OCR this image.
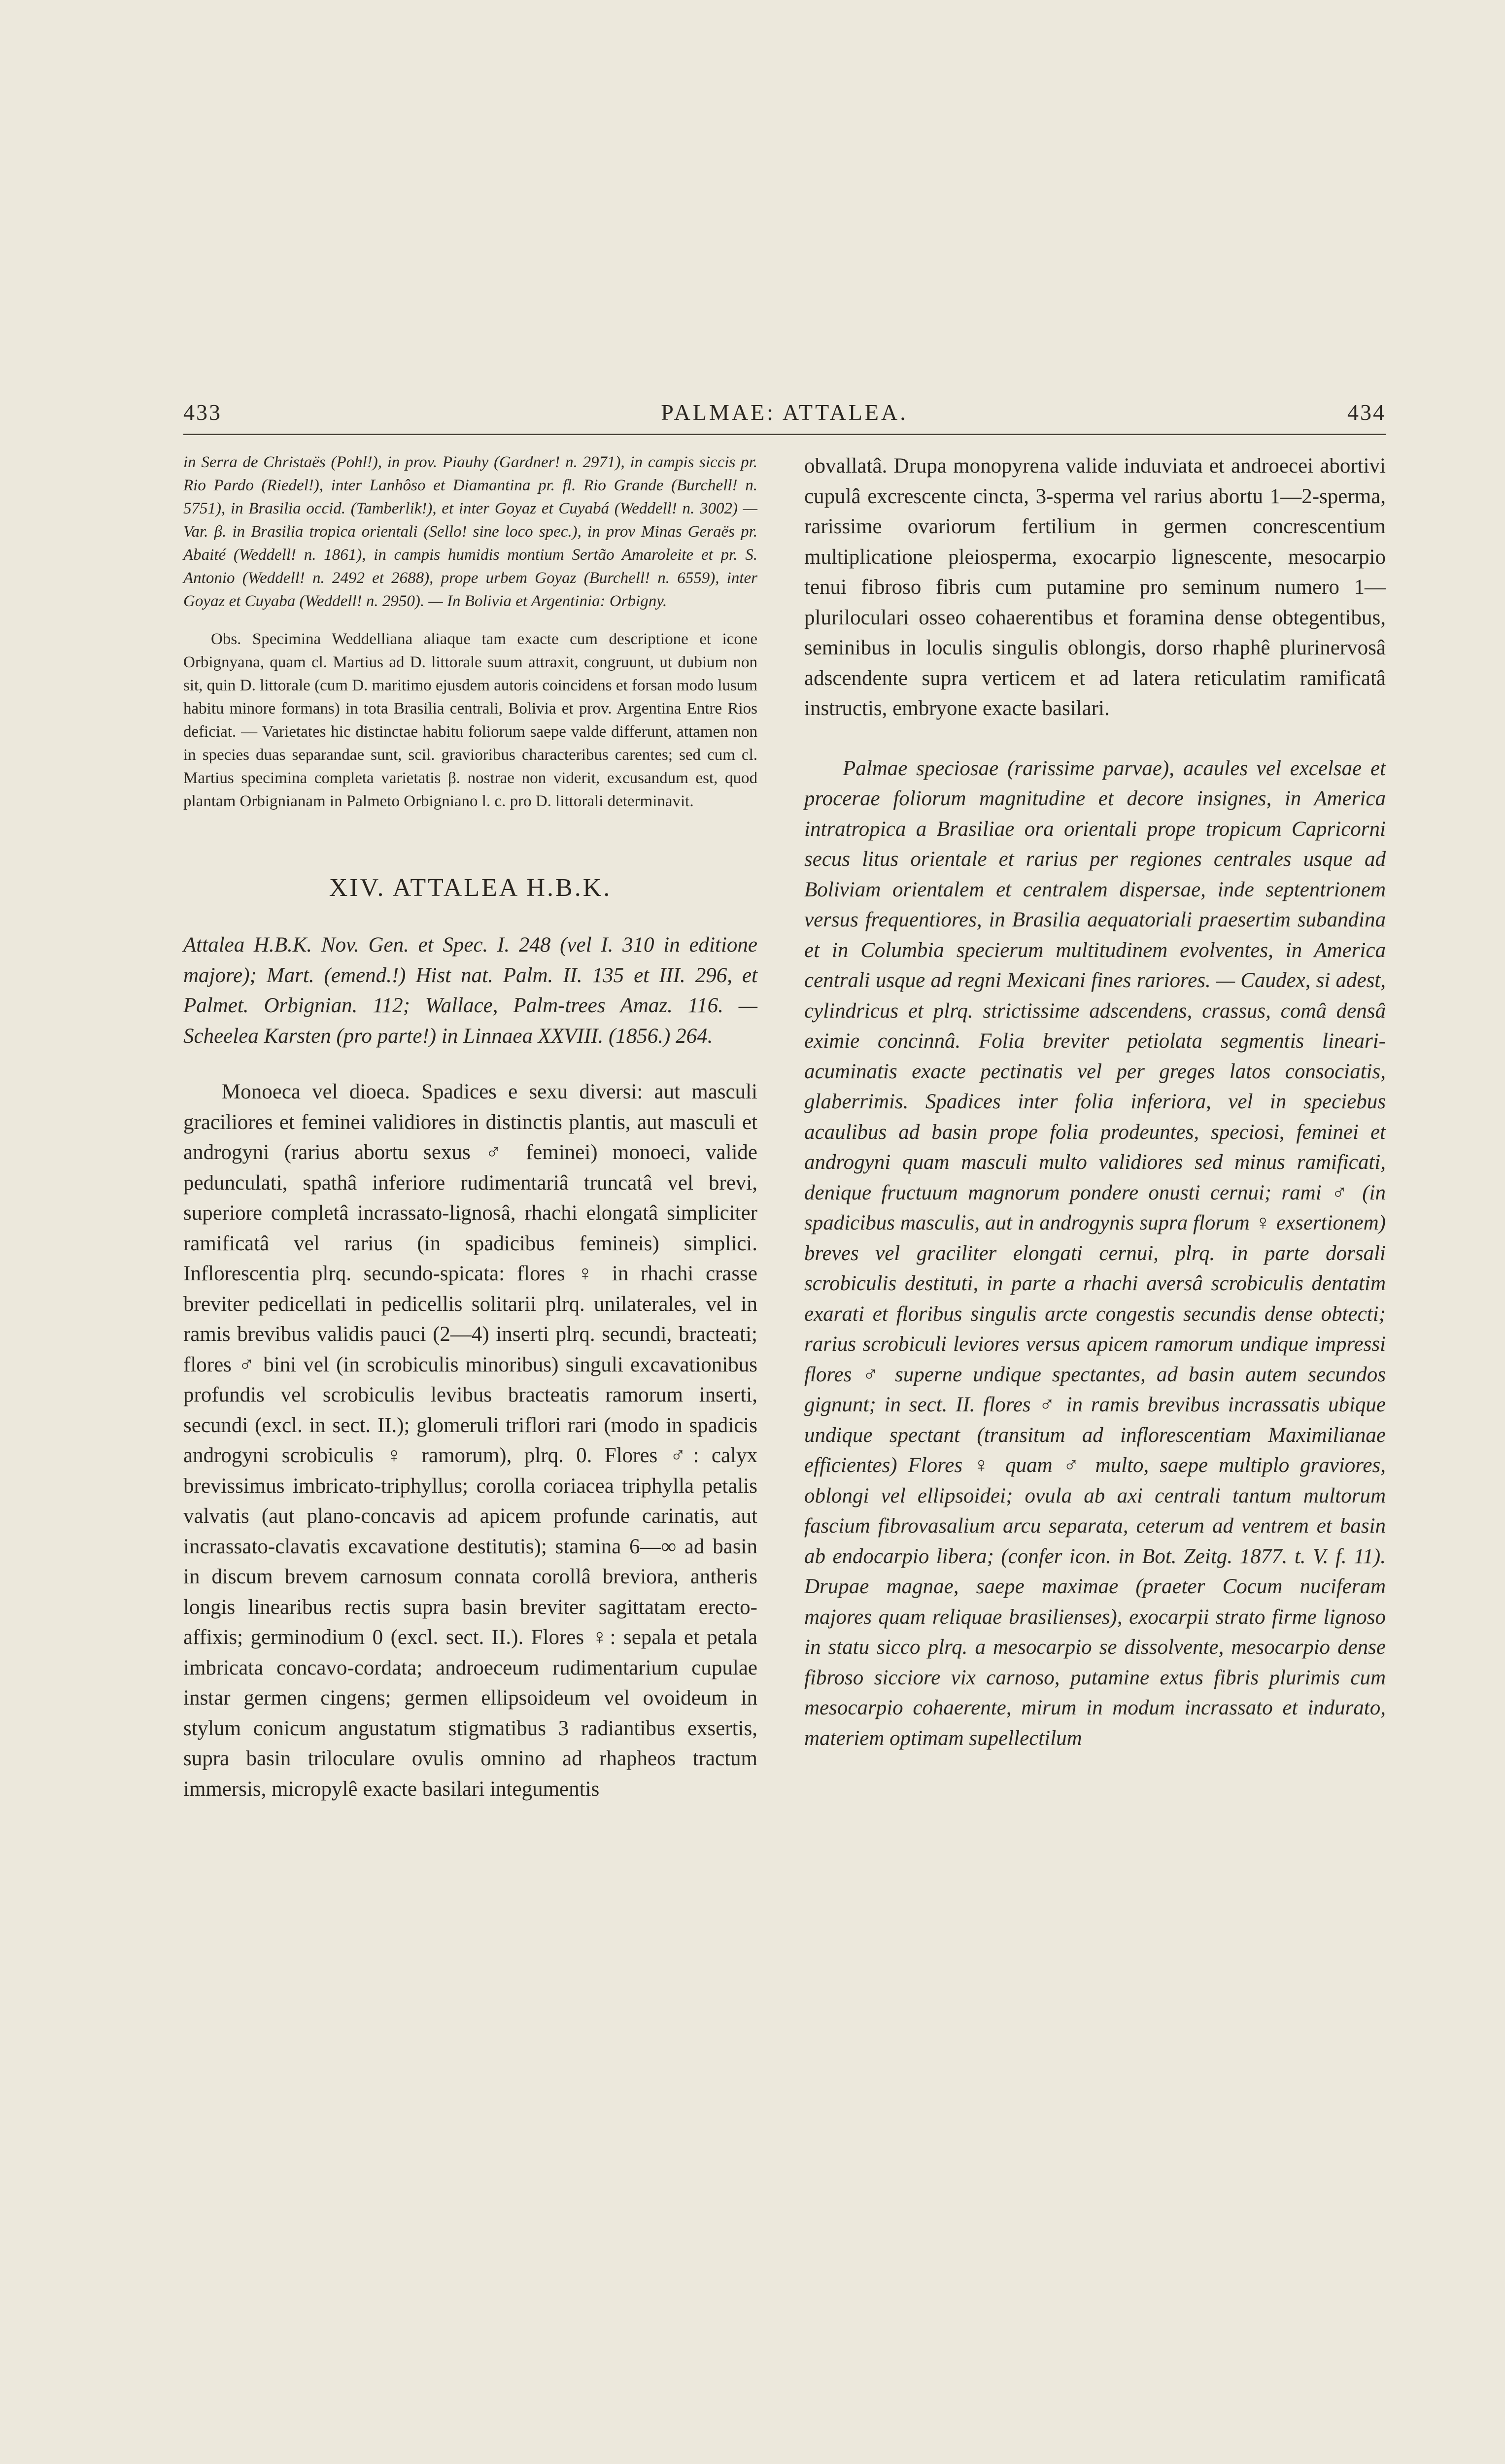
433	PALMAE: ATTALEA.	434

in Serra de Christaës (Pohl!), in prov. Piauhy (Gardner! n. 2971), in campis siccis pr. Rio Pardo (Riedel!), inter Lanhôso et Diamantina pr. fl. Rio Grande (Burchell! n. 5751), in Brasilia occid. (Tamberlik!), et inter Goyaz et Cuyabá (Weddell! n. 3002) — Var. β. in Brasilia tropica orientali (Sello! sine loco spec.), in prov Minas Geraës pr. Abaité (Weddell! n. 1861), in campis humidis montium Sertão Amaroleite et pr. S. Antonio (Weddell! n. 2492 et 2688), prope urbem Goyaz (Burchell! n. 6559), inter Goyaz et Cuyaba (Weddell! n. 2950). — In Bolivia et Argentinia: Orbigny.

Obs. Specimina Weddelliana aliaque tam exacte cum descriptione et icone Orbignyana, quam cl. Martius ad D. littorale suum attraxit, congruunt, ut dubium non sit, quin D. littorale (cum D. maritimo ejusdem autoris coincidens et forsan modo lusum habitu minore formans) in tota Brasilia centrali, Bolivia et prov. Argentina Entre Rios deficiat. — Varietates hic distinctae habitu foliorum saepe valde differunt, attamen non in species duas separandae sunt, scil. gravioribus characteribus carentes; sed cum cl. Martius specimina completa varietatis β. nostrae non viderit, excusandum est, quod plantam Orbignianam in Palmeto Orbigniano l. c. pro D. littorali determinavit.

XIV. ATTALEA H.B.K.

Attalea H.B.K. Nov. Gen. et Spec. I. 248 (vel I. 310 in editione majore); Mart. (emend.!) Hist nat. Palm. II. 135 et III. 296, et Palmet. Orbignian. 112; Wallace, Palm-trees Amaz. 116. — Scheelea Karsten (pro parte!) in Linnaea XXVIII. (1856.) 264.

Monoeca vel dioeca. Spadices e sexu diversi: aut masculi graciliores et feminei validiores in distinctis plantis, aut masculi et androgyni (rarius abortu sexus ♂ feminei) monoeci, valide pedunculati, spathâ inferiore rudimentariâ truncatâ vel brevi, superiore completâ incrassato-lignosâ, rhachi elongatâ simpliciter ramificatâ vel rarius (in spadicibus femineis) simplici. Inflorescentia plrq. secundo-spicata: flores ♀ in rhachi crasse breviter pedicellati in pedicellis solitarii plrq. unilaterales, vel in ramis brevibus validis pauci (2—4) inserti plrq. secundi, bracteati; flores ♂ bini vel (in scrobiculis minoribus) singuli excavationibus profundis vel scrobiculis levibus bracteatis ramorum inserti, secundi (excl. in sect. II.); glomeruli triflori rari (modo in spadicis androgyni scrobiculis ♀ ramorum), plrq. 0. Flores ♂: calyx brevissimus imbricato-triphyllus; corolla coriacea triphylla petalis valvatis (aut plano-concavis ad apicem profunde carinatis, aut incrassato-clavatis excavatione destitutis); stamina 6—∞ ad basin in discum brevem carnosum connata corollâ breviora, antheris longis linearibus rectis supra basin breviter sagittatam erecto-affixis; germinodium 0 (excl. sect. II.). Flores ♀: sepala et petala imbricata concavo-cordata; androeceum rudimentarium cupulae instar germen cingens; germen ellipsoideum vel ovoideum in stylum conicum angustatum stigmatibus 3 radiantibus exsertis, supra basin triloculare ovulis omnino ad rhapheos tractum immersis, micropylê exacte basilari integumentis

obvallatâ. Drupa monopyrena valide induviata et androecei abortivi cupulâ excrescente cincta, 3-sperma vel rarius abortu 1—2-sperma, rarissime ovariorum fertilium in germen concrescentium multiplicatione pleiosperma, exocarpio lignescente, mesocarpio tenui fibroso fibris cum putamine pro seminum numero 1—pluriloculari osseo cohaerentibus et foramina dense obtegentibus, seminibus in loculis singulis oblongis, dorso rhaphê plurinervosâ adscendente supra verticem et ad latera reticulatim ramificatâ instructis, embryone exacte basilari.

Palmae speciosae (rarissime parvae), acaules vel excelsae et procerae foliorum magnitudine et decore insignes, in America intratropica a Brasiliae ora orientali prope tropicum Capricorni secus litus orientale et rarius per regiones centrales usque ad Boliviam orientalem et centralem dispersae, inde septentrionem versus frequentiores, in Brasilia aequatoriali praesertim subandina et in Columbia specierum multitudinem evolventes, in America centrali usque ad regni Mexicani fines rariores. — Caudex, si adest, cylindricus et plrq. strictissime adscendens, crassus, comâ densâ eximie concinnâ. Folia breviter petiolata segmentis lineari-acuminatis exacte pectinatis vel per greges latos consociatis, glaberrimis. Spadices inter folia inferiora, vel in speciebus acaulibus ad basin prope folia prodeuntes, speciosi, feminei et androgyni quam masculi multo validiores sed minus ramificati, denique fructuum magnorum pondere onusti cernui; rami ♂ (in spadicibus masculis, aut in androgynis supra florum ♀ exsertionem) breves vel graciliter elongati cernui, plrq. in parte dorsali scrobiculis destituti, in parte a rhachi aversâ scrobiculis dentatim exarati et floribus singulis arcte congestis secundis dense obtecti; rarius scrobiculi leviores versus apicem ramorum undique impressi flores ♂ superne undique spectantes, ad basin autem secundos gignunt; in sect. II. flores ♂ in ramis brevibus incrassatis ubique undique spectant (transitum ad inflorescentiam Maximilianae efficientes) Flores ♀ quam ♂ multo, saepe multiplo graviores, oblongi vel ellipsoidei; ovula ab axi centrali tantum multorum fascium fibrovasalium arcu separata, ceterum ad ventrem et basin ab endocarpio libera; (confer icon. in Bot. Zeitg. 1877. t. V. f. 11). Drupae magnae, saepe maximae (praeter Cocum nuciferam majores quam reliquae brasilienses), exocarpii strato firme lignoso in statu sicco plrq. a mesocarpio se dissolvente, mesocarpio dense fibroso sicciore vix carnoso, putamine extus fibris plurimis cum mesocarpio cohaerente, mirum in modum incrassato et indurato, materiem optimam supellectilum
